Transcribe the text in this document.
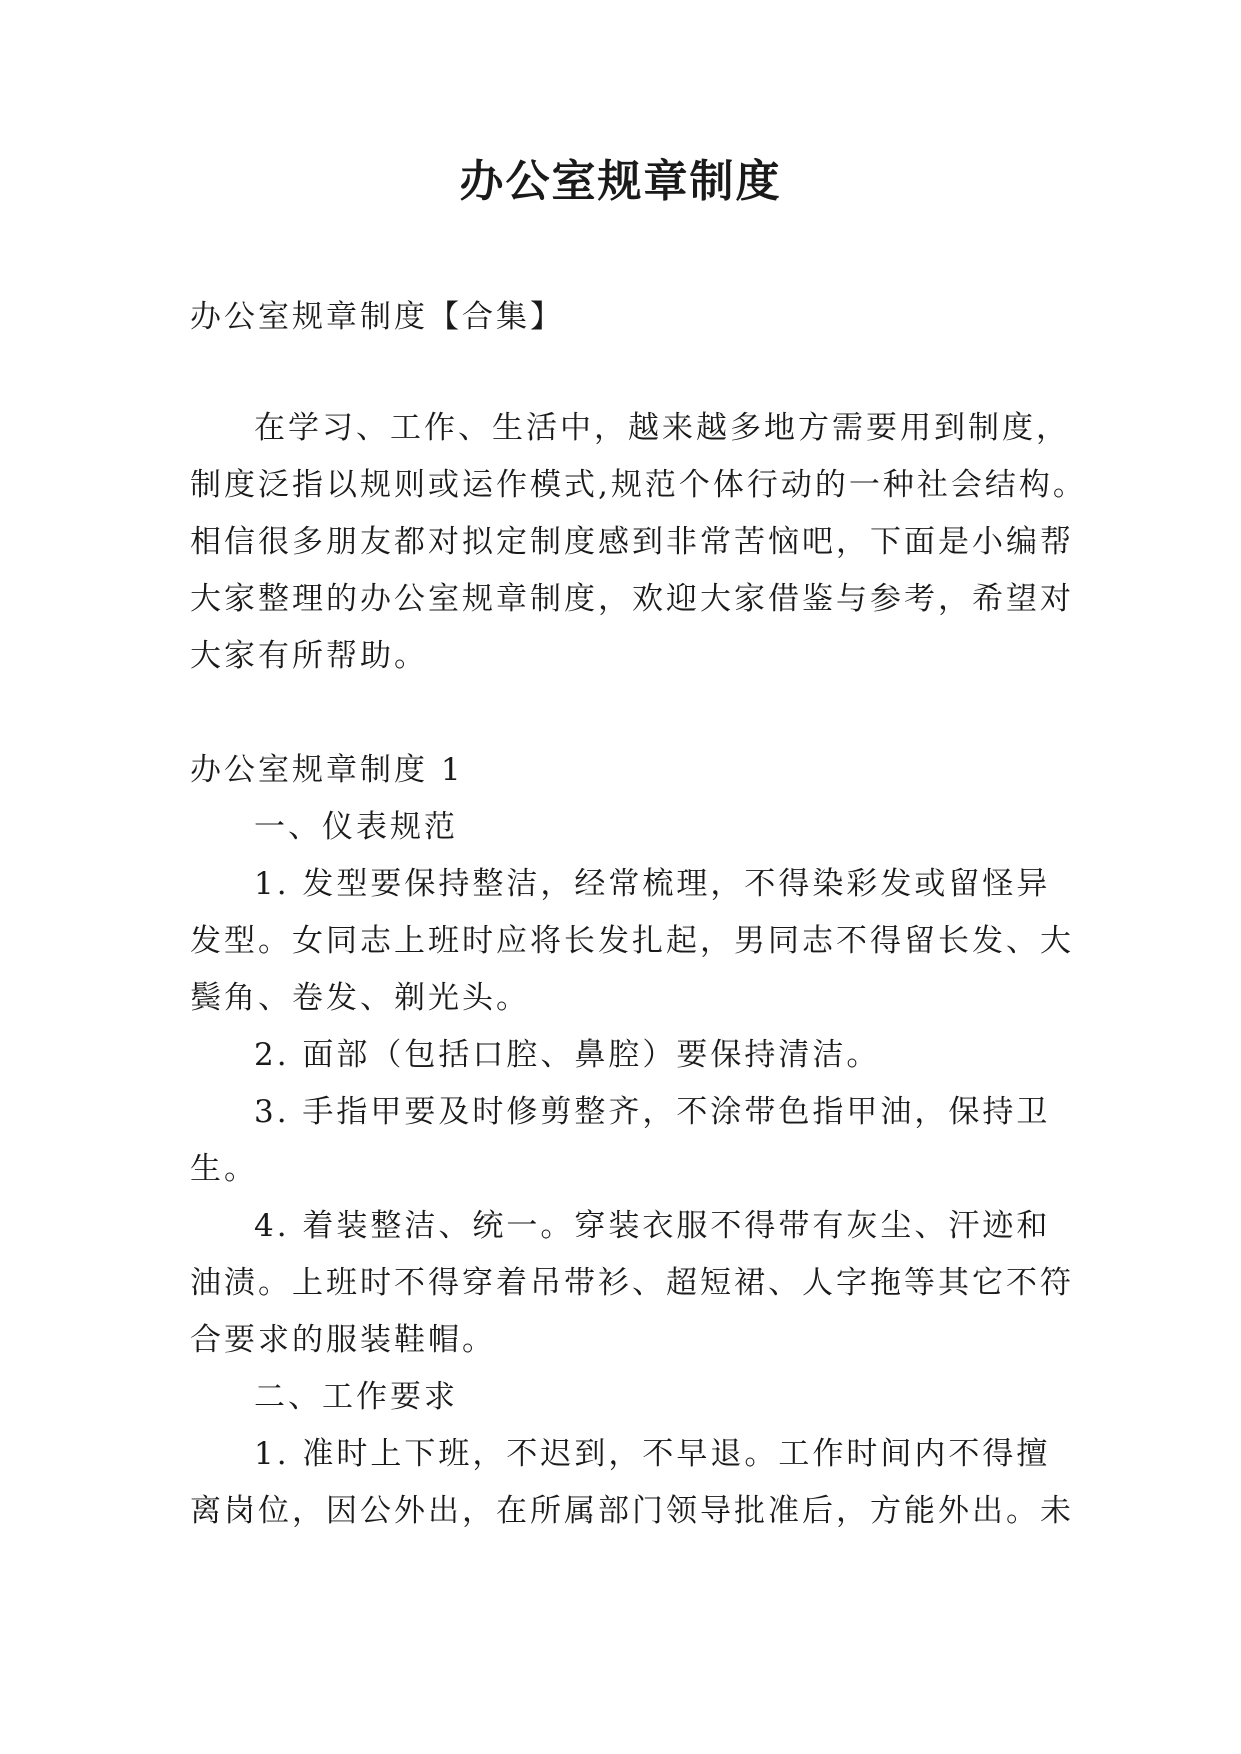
办公室规章制度

办公室规章制度【合集】

在学习、工作、生活中，越来越多地方需要用到制度，

制度泛指以规则或运作模式,规范个体行动的一种社会结构。

相信很多朋友都对拟定制度感到非常苦恼吧，下面是小编帮

大家整理的办公室规章制度，欢迎大家借鉴与参考，希望对

大家有所帮助。

办公室规章制度 1

一、仪表规范

1. 发型要保持整洁，经常梳理，不得染彩发或留怪异

发型。女同志上班时应将长发扎起，男同志不得留长发、大

鬓角、卷发、剃光头。

2. 面部（包括口腔、鼻腔）要保持清洁。

3. 手指甲要及时修剪整齐，不涂带色指甲油，保持卫

生。

4. 着装整洁、统一。穿装衣服不得带有灰尘、汗迹和

油渍。上班时不得穿着吊带衫、超短裙、人字拖等其它不符

合要求的服装鞋帽。

二、工作要求

1. 准时上下班，不迟到，不早退。工作时间内不得擅

离岗位，因公外出，在所属部门领导批准后，方能外出。未
